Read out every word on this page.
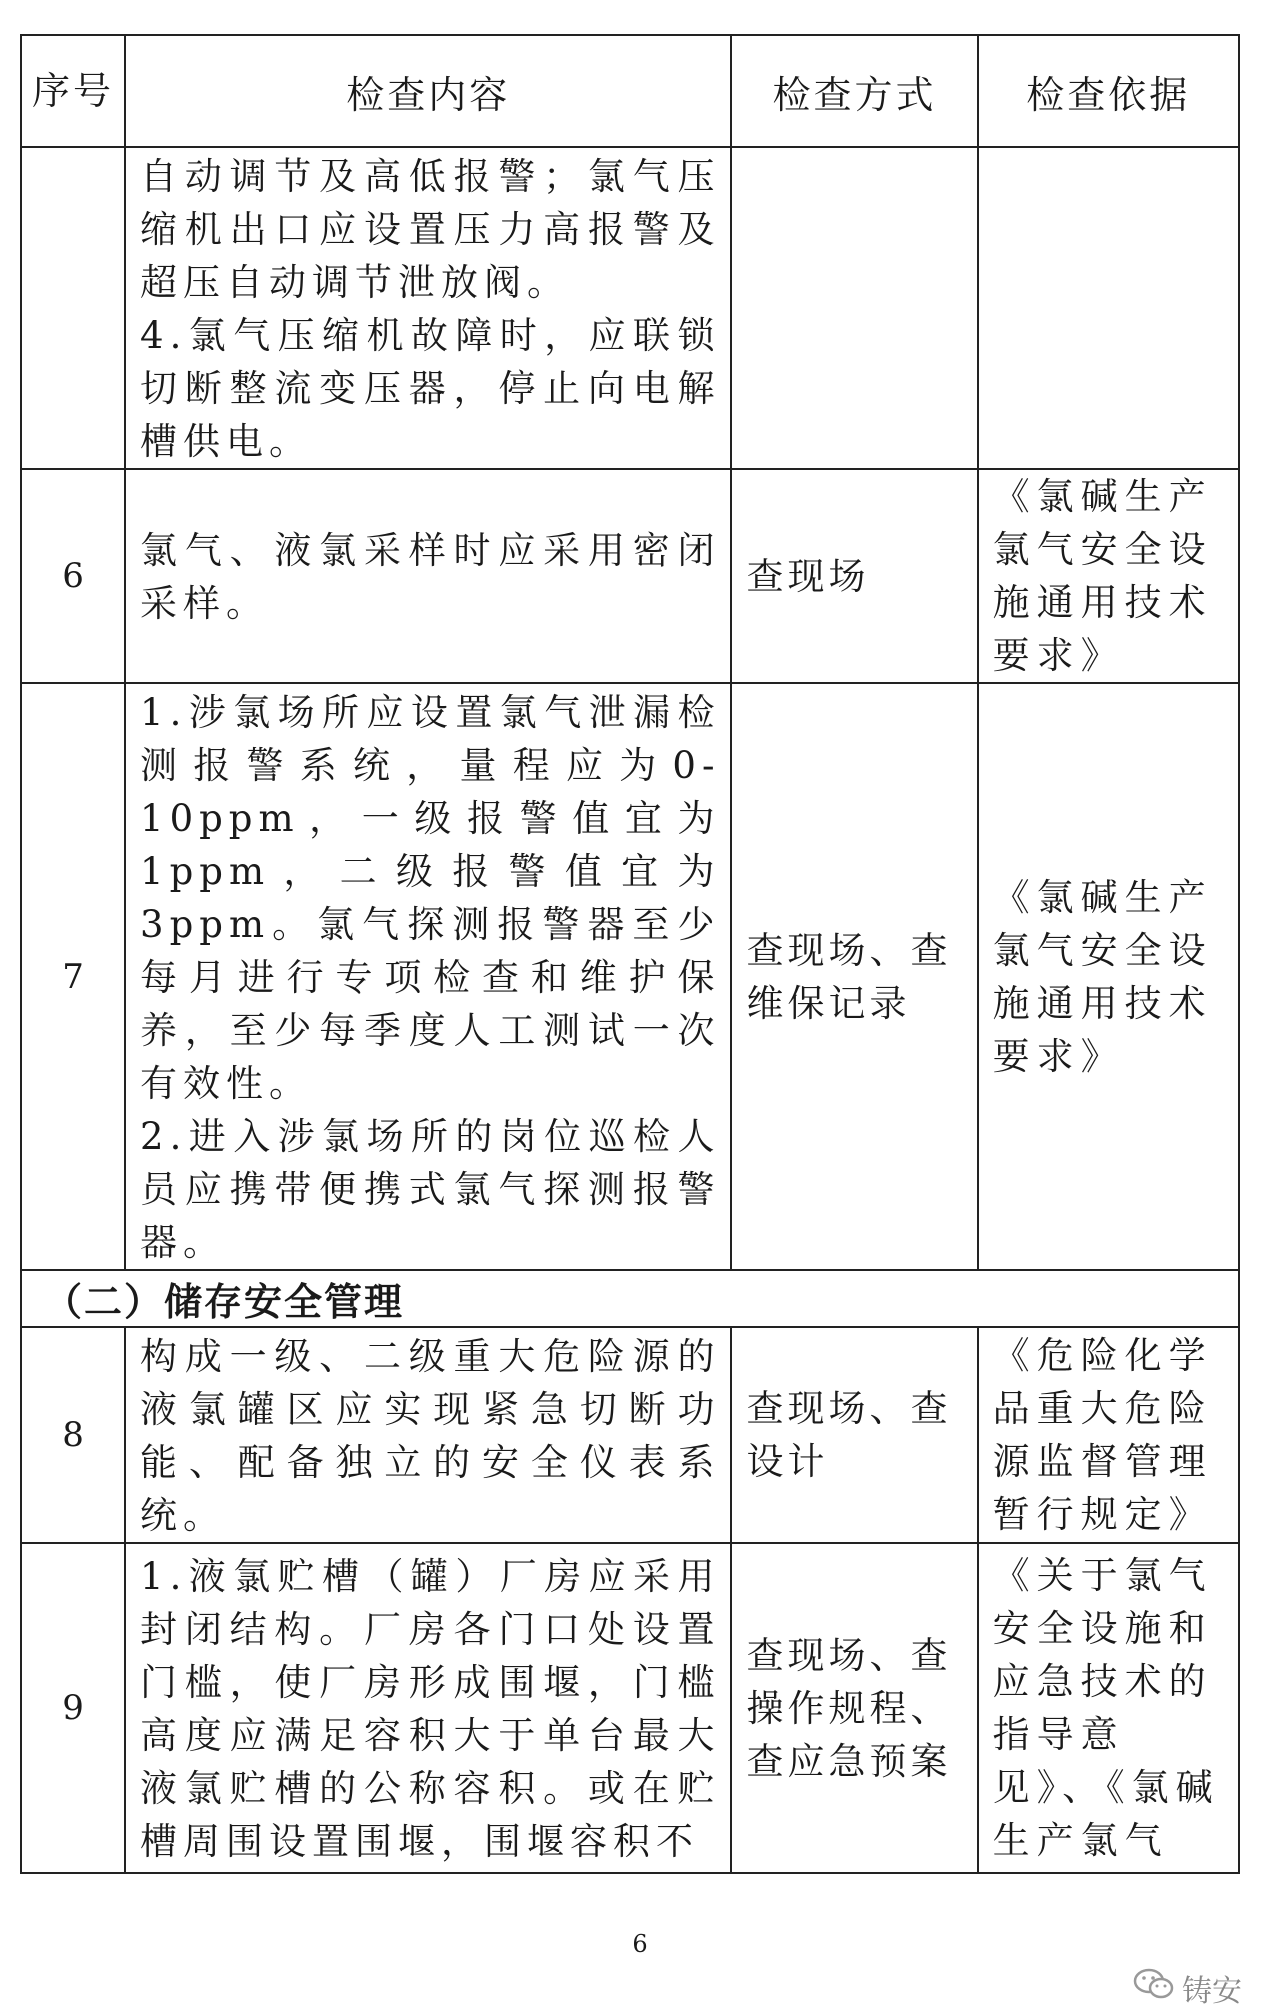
序号	检查内容	检查方式	检查依据

	自动调节及高低报警；氯气压缩机出口应设置压力高报警及超压自动调节泄放阀。
4.氯气压缩机故障时，应联锁切断整流变压器，停止向电解槽供电。		

6	氯气、液氯采样时应采用密闭采样。	查现场	《氯碱生产氯气安全设施通用技术要求》

7	1.涉氯场所应设置氯气泄漏检测报警系统，量程应为0-10ppm，一级报警值宜为1ppm，二级报警值宜为3ppm。氯气探测报警器至少每月进行专项检查和维护保养，至少每季度人工测试一次有效性。
2.进入涉氯场所的岗位巡检人员应携带便携式氯气探测报警器。	查现场、查维保记录	《氯碱生产氯气安全设施通用技术要求》

（二）储存安全管理			
8	构成一级、二级重大危险源的液氯罐区应实现紧急切断功能、配备独立的安全仪表系统。	查现场、查设计	《危险化学品重大危险源监督管理暂行规定》

9	1.液氯贮槽（罐）厂房应采用封闭结构。厂房各门口处设置门槛，使厂房形成围堰，门槛高度应满足容积大于单台最大液氯贮槽的公称容积。或在贮槽周围设置围堰，围堰容积不	查现场、查操作规程、查应急预案	《关于氯气安全设施和应急技术的指导意见》、《氯碱生产氯气
6
铸安
